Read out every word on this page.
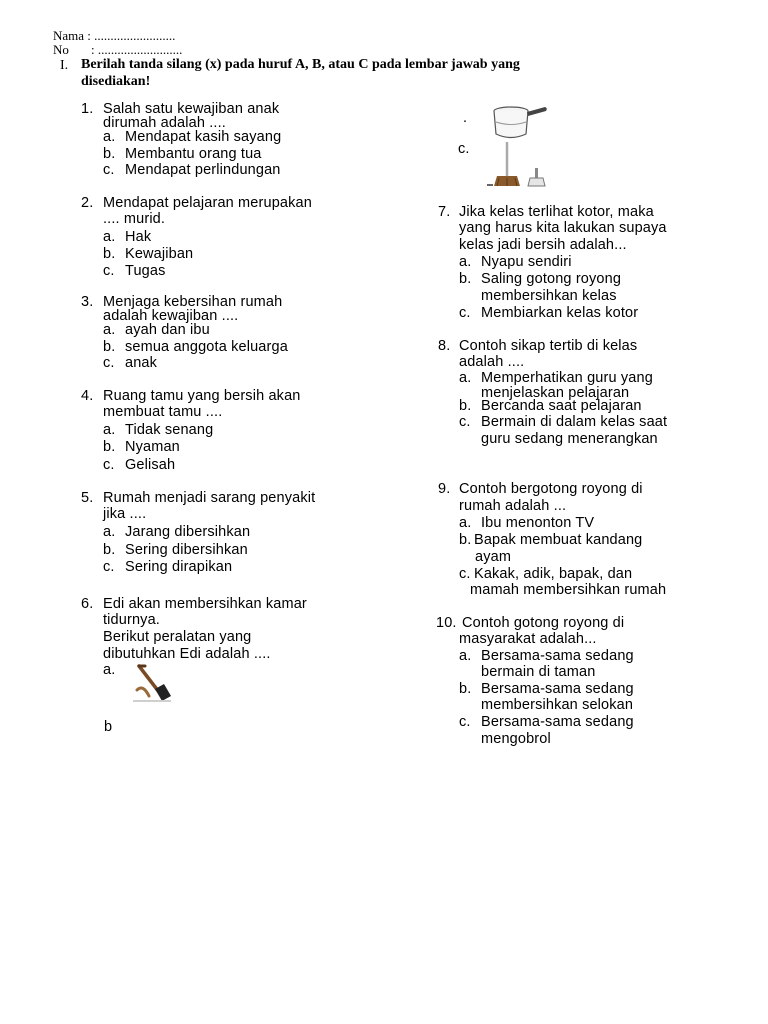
Nama : .........................
No : ..........................
I. Berilah tanda silang (x) pada huruf A, B, atau C pada lembar jawab yang
disediakan!
1. Salah satu kewajiban anak
dirumah adalah ....
a. Mendapat kasih sayang
b. Membantu orang tua
c. Mendapat perlindungan
2. Mendapat pelajaran merupakan
.... murid.
a. Hak
b. Kewajiban
c. Tugas
3. Menjaga kebersihan rumah
adalah kewajiban ....
a. ayah dan ibu
b. semua anggota keluarga
c. anak
4. Ruang tamu yang bersih akan
membuat tamu ....
a. Tidak senang
b. Nyaman
c. Gelisah
5. Rumah menjadi sarang penyakit
jika ....
a. Jarang dibersihkan
b. Sering dibersihkan
c. Sering dirapikan
6. Edi akan membersihkan kamar
tidurnya.
Berikut peralatan yang
dibutuhkan Edi adalah ....
a.
b
.
c.
7. Jika kelas terlihat kotor, maka
yang harus kita lakukan supaya
kelas jadi bersih adalah...
a. Nyapu sendiri
b. Saling gotong royong
membersihkan kelas
c. Membiarkan kelas kotor
8. Contoh sikap tertib di kelas
adalah ....
a. Memperhatikan guru yang
menjelaskan pelajaran
b. Bercanda saat pelajaran
c. Bermain di dalam kelas saat
guru sedang menerangkan
9. Contoh bergotong royong di
rumah adalah ...
a. Ibu menonton TV
b. Bapak membuat kandang
ayam
c. Kakak, adik, bapak, dan
mamah membersihkan rumah
10. Contoh gotong royong di
masyarakat adalah...
a. Bersama-sama sedang
bermain di taman
b. Bersama-sama sedang
membersihkan selokan
c. Bersama-sama sedang
mengobrol
